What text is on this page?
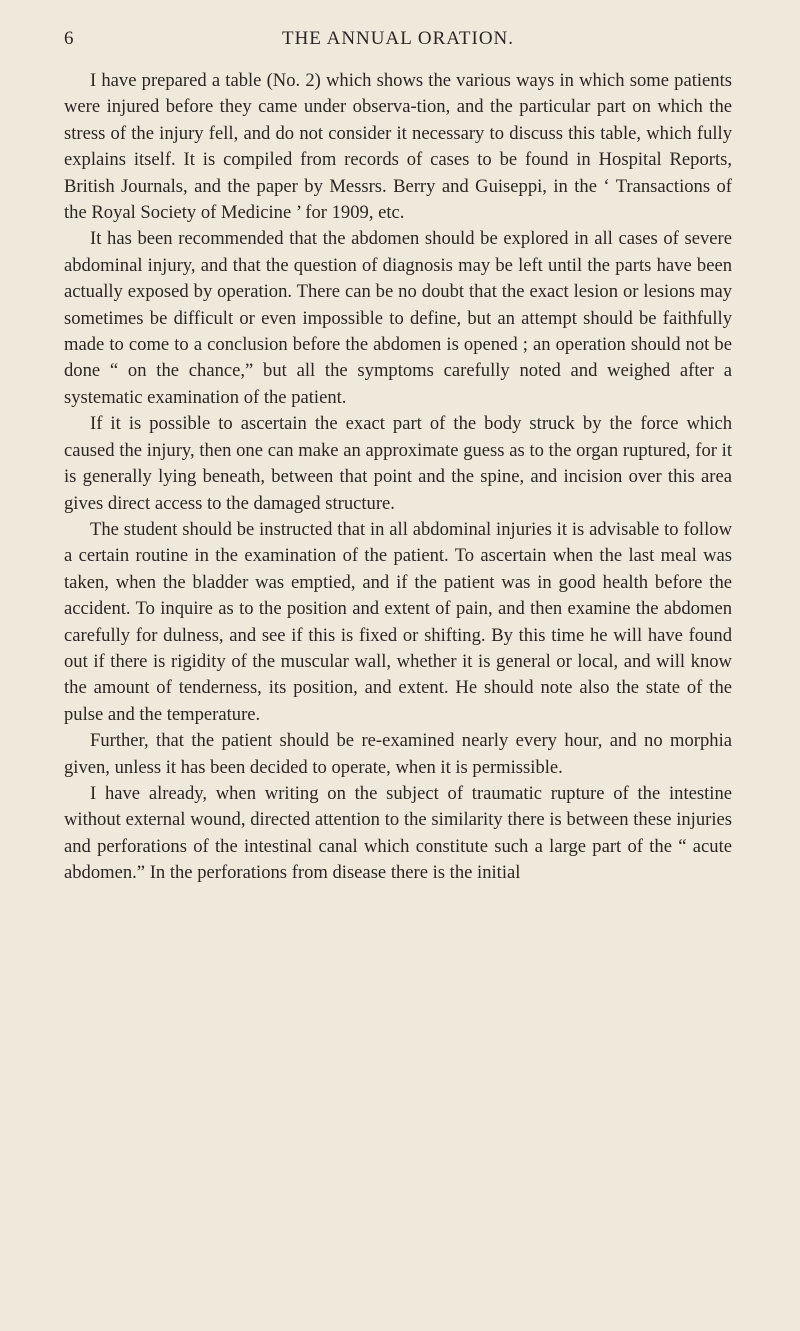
6	THE ANNUAL ORATION.

I have prepared a table (No. 2) which shows the various ways in which some patients were injured before they came under observa-tion, and the particular part on which the stress of the injury fell, and do not consider it necessary to discuss this table, which fully explains itself. It is compiled from records of cases to be found in Hospital Reports, British Journals, and the paper by Messrs. Berry and Guiseppi, in the ‘ Transactions of the Royal Society of Medicine ’ for 1909, etc.

It has been recommended that the abdomen should be explored in all cases of severe abdominal injury, and that the question of diagnosis may be left until the parts have been actually exposed by operation. There can be no doubt that the exact lesion or lesions may sometimes be difficult or even impossible to define, but an attempt should be faithfully made to come to a conclusion before the abdomen is opened ; an operation should not be done “ on the chance,” but all the symptoms carefully noted and weighed after a systematic examination of the patient.

If it is possible to ascertain the exact part of the body struck by the force which caused the injury, then one can make an approximate guess as to the organ ruptured, for it is generally lying beneath, between that point and the spine, and incision over this area gives direct access to the damaged structure.

The student should be instructed that in all abdominal injuries it is advisable to follow a certain routine in the examination of the patient. To ascertain when the last meal was taken, when the bladder was emptied, and if the patient was in good health before the accident. To inquire as to the position and extent of pain, and then examine the abdomen carefully for dulness, and see if this is fixed or shifting. By this time he will have found out if there is rigidity of the muscular wall, whether it is general or local, and will know the amount of tenderness, its position, and extent. He should note also the state of the pulse and the temperature.

Further, that the patient should be re-examined nearly every hour, and no morphia given, unless it has been decided to operate, when it is permissible.

I have already, when writing on the subject of traumatic rupture of the intestine without external wound, directed attention to the similarity there is between these injuries and perforations of the intestinal canal which constitute such a large part of the “ acute abdomen.” In the perforations from disease there is the initial
